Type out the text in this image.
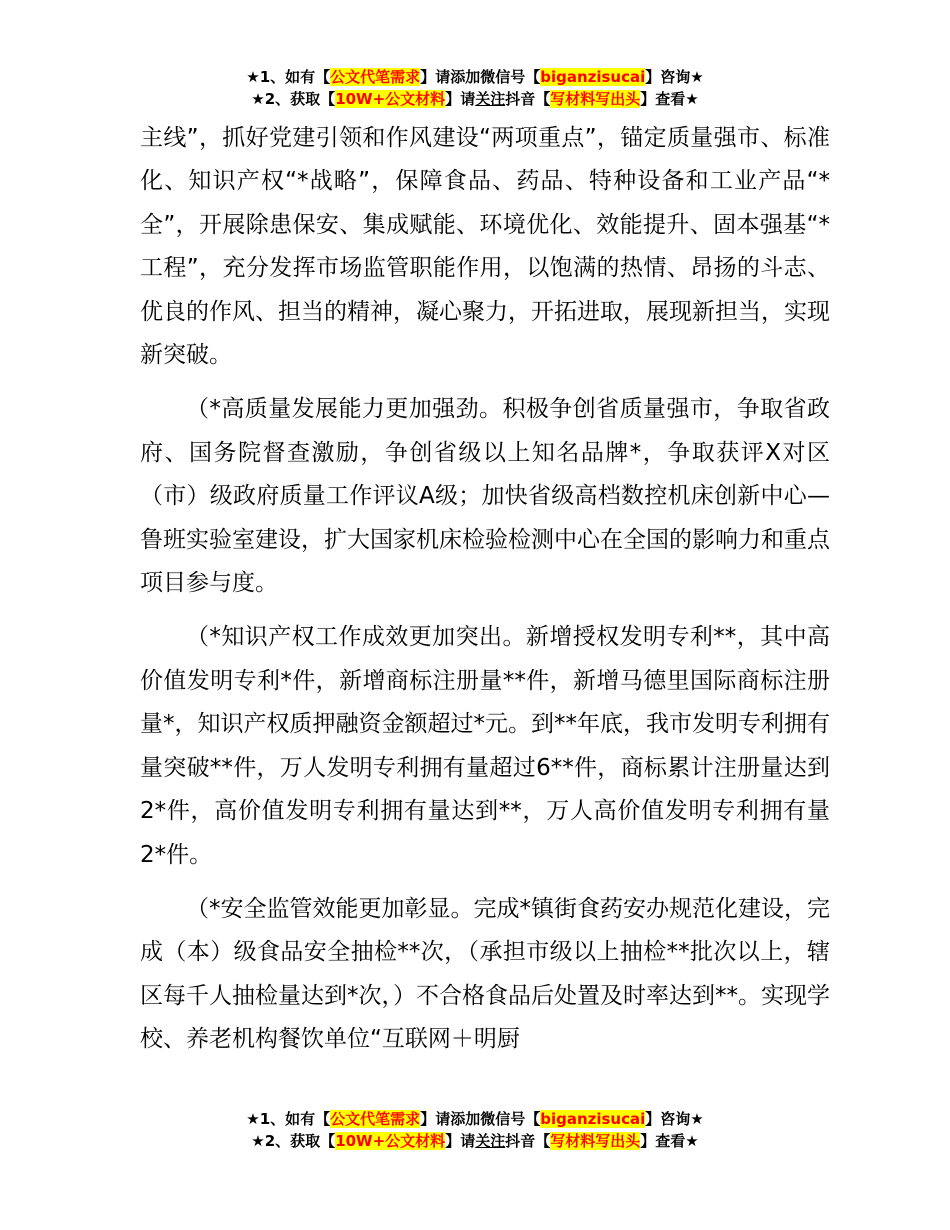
★1、如有【公文代笔需求】请添加微信号【biganzisucai】咨询★
★2、获取【10W+公文材料】请关注抖音【写材料写出头】查看★

主线”，抓好党建引领和作风建设“两项重点”，锚定质量强市、标准化、知识产权“*战略”，保障食品、药品、特种设备和工业产品“*全”，开展除患保安、集成赋能、环境优化、效能提升、固本强基“*工程”，充分发挥市场监管职能作用，以饱满的热情、昂扬的斗志、优良的作风、担当的精神，凝心聚力，开拓进取，展现新担当，实现新突破。

（*高质量发展能力更加强劲。积极争创省质量强市，争取省政府、国务院督查激励，争创省级以上知名品牌*，争取获评X对区（市）级政府质量工作评议A级；加快省级高档数控机床创新中心—鲁班实验室建设，扩大国家机床检验检测中心在全国的影响力和重点项目参与度。

（*知识产权工作成效更加突出。新增授权发明专利**，其中高价值发明专利*件，新增商标注册量**件，新增马德里国际商标注册量*，知识产权质押融资金额超过*元。到**年底，我市发明专利拥有量突破**件，万人发明专利拥有量超过6**件，商标累计注册量达到2*件，高价值发明专利拥有量达到**，万人高价值发明专利拥有量2*件。

（*安全监管效能更加彰显。完成*镇街食药安办规范化建设，完成（本）级食品安全抽检**次，（承担市级以上抽检**批次以上，辖区每千人抽检量达到*次，）不合格食品后处置及时率达到**。实现学校、养老机构餐饮单位“互联网＋明厨

★1、如有【公文代笔需求】请添加微信号【biganzisucai】咨询★
★2、获取【10W+公文材料】请关注抖音【写材料写出头】查看★
